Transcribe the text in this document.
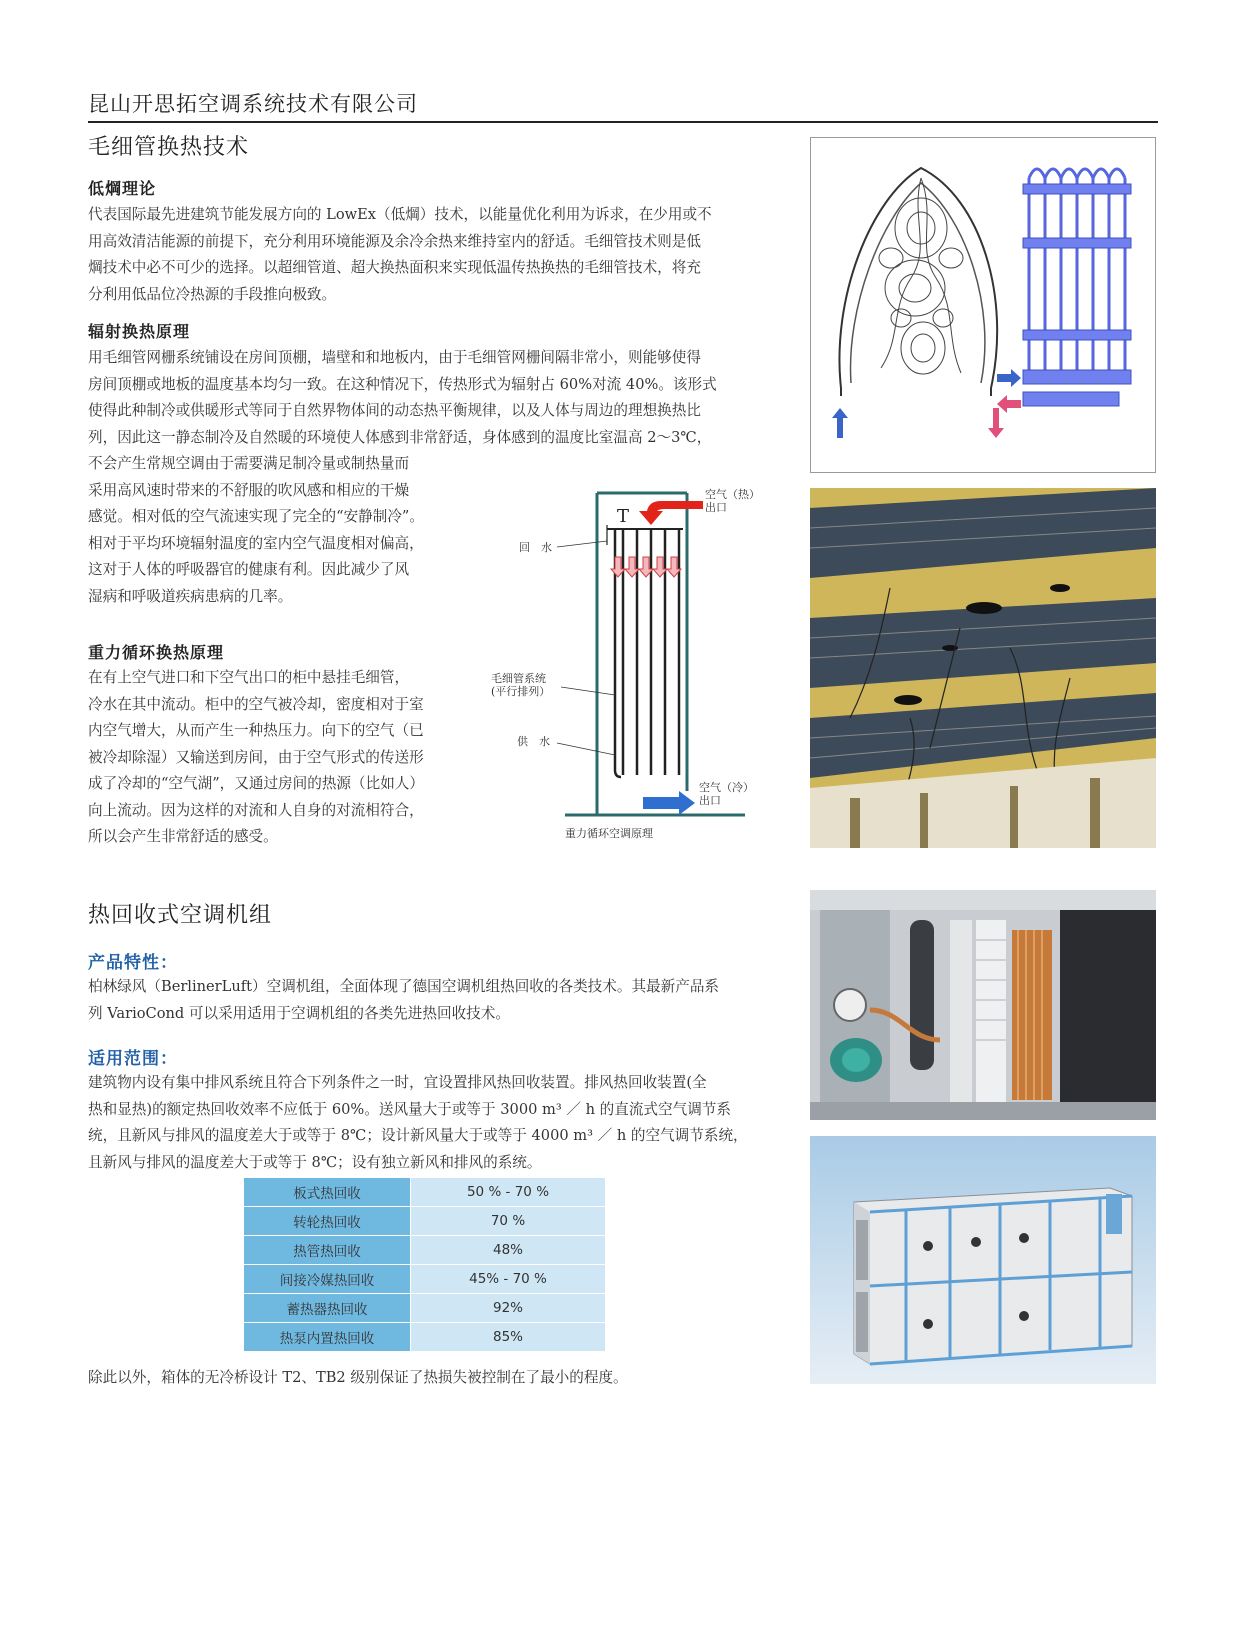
昆山开思拓空调系统技术有限公司
毛细管换热技术
低焵理论
代表国际最先进建筑节能发展方向的 LowEx（低焵）技术，以能量优化利用为诉求，在少用或不
用高效清洁能源的前提下，充分利用环境能源及余冷余热来维持室内的舒适。毛细管技术则是低
焵技术中必不可少的选择。以超细管道、超大换热面积来实现低温传热换热的毛细管技术，将充
分利用低品位冷热源的手段推向极致。
辐射换热原理
用毛细管网栅系统铺设在房间顶棚，墙壁和和地板内，由于毛细管网栅间隔非常小，则能够使得
房间顶棚或地板的温度基本均匀一致。在这种情况下，传热形式为辐射占 60%对流 40%。该形式
使得此种制冷或供暖形式等同于自然界物体间的动态热平衡规律，以及人体与周边的理想换热比
列，因此这一静态制冷及自然暖的环境使人体感到非常舒适，身体感到的温度比室温高 2～3℃，
不会产生常规空调由于需要满足制冷量或制热量而
采用高风速时带来的不舒服的吹风感和相应的干燥
感觉。相对低的空气流速实现了完全的“安静制冷”。
相对于平均环境辐射温度的室内空气温度相对偏高，
这对于人体的呼吸器官的健康有利。因此减少了风
湿病和呼吸道疾病患病的几率。
重力循环换热原理
在有上空气进口和下空气出口的柜中悬挂毛细管，
冷水在其中流动。柜中的空气被冷却，密度相对于室
内空气增大，从而产生一种热压力。向下的空气（已
被冷却除湿）又输送到房间，由于空气形式的传送形
成了冷却的“空气湖”，又通过房间的热源（比如人）
向上流动。因为这样的对流和人自身的对流相符合，
所以会产生非常舒适的感受。
T
空气（热）
出口
回　水
毛细管系统
(平行排列）
供　水
空气（冷）
出口
重力循环空调原理
热回收式空调机组
产品特性：
柏林绿风（BerlinerLuft）空调机组，全面体现了德国空调机组热回收的各类技术。其最新产品系
列 VarioCond 可以采用适用于空调机组的各类先进热回收技术。
适用范围：
建筑物内设有集中排风系统且符合下列条件之一时，宜设置排风热回收装置。排风热回收装置(全
热和显热)的额定热回收效率不应低于 60%。送风量大于或等于 3000 m³ ／ h 的直流式空气调节系
统，且新风与排风的温度差大于或等于 8℃；设计新风量大于或等于 4000 m³ ／ h 的空气调节系统，
且新风与排风的温度差大于或等于 8℃；设有独立新风和排风的系统。
板式热回收	50 % - 70 %
转轮热回收	70 %
热管热回收	48%
间接冷媒热回收	45% - 70 %
蓄热器热回收	92%
热泵内置热回收	85%
除此以外，箱体的无冷桥设计 T2、TB2 级别保证了热损失被控制在了最小的程度。
